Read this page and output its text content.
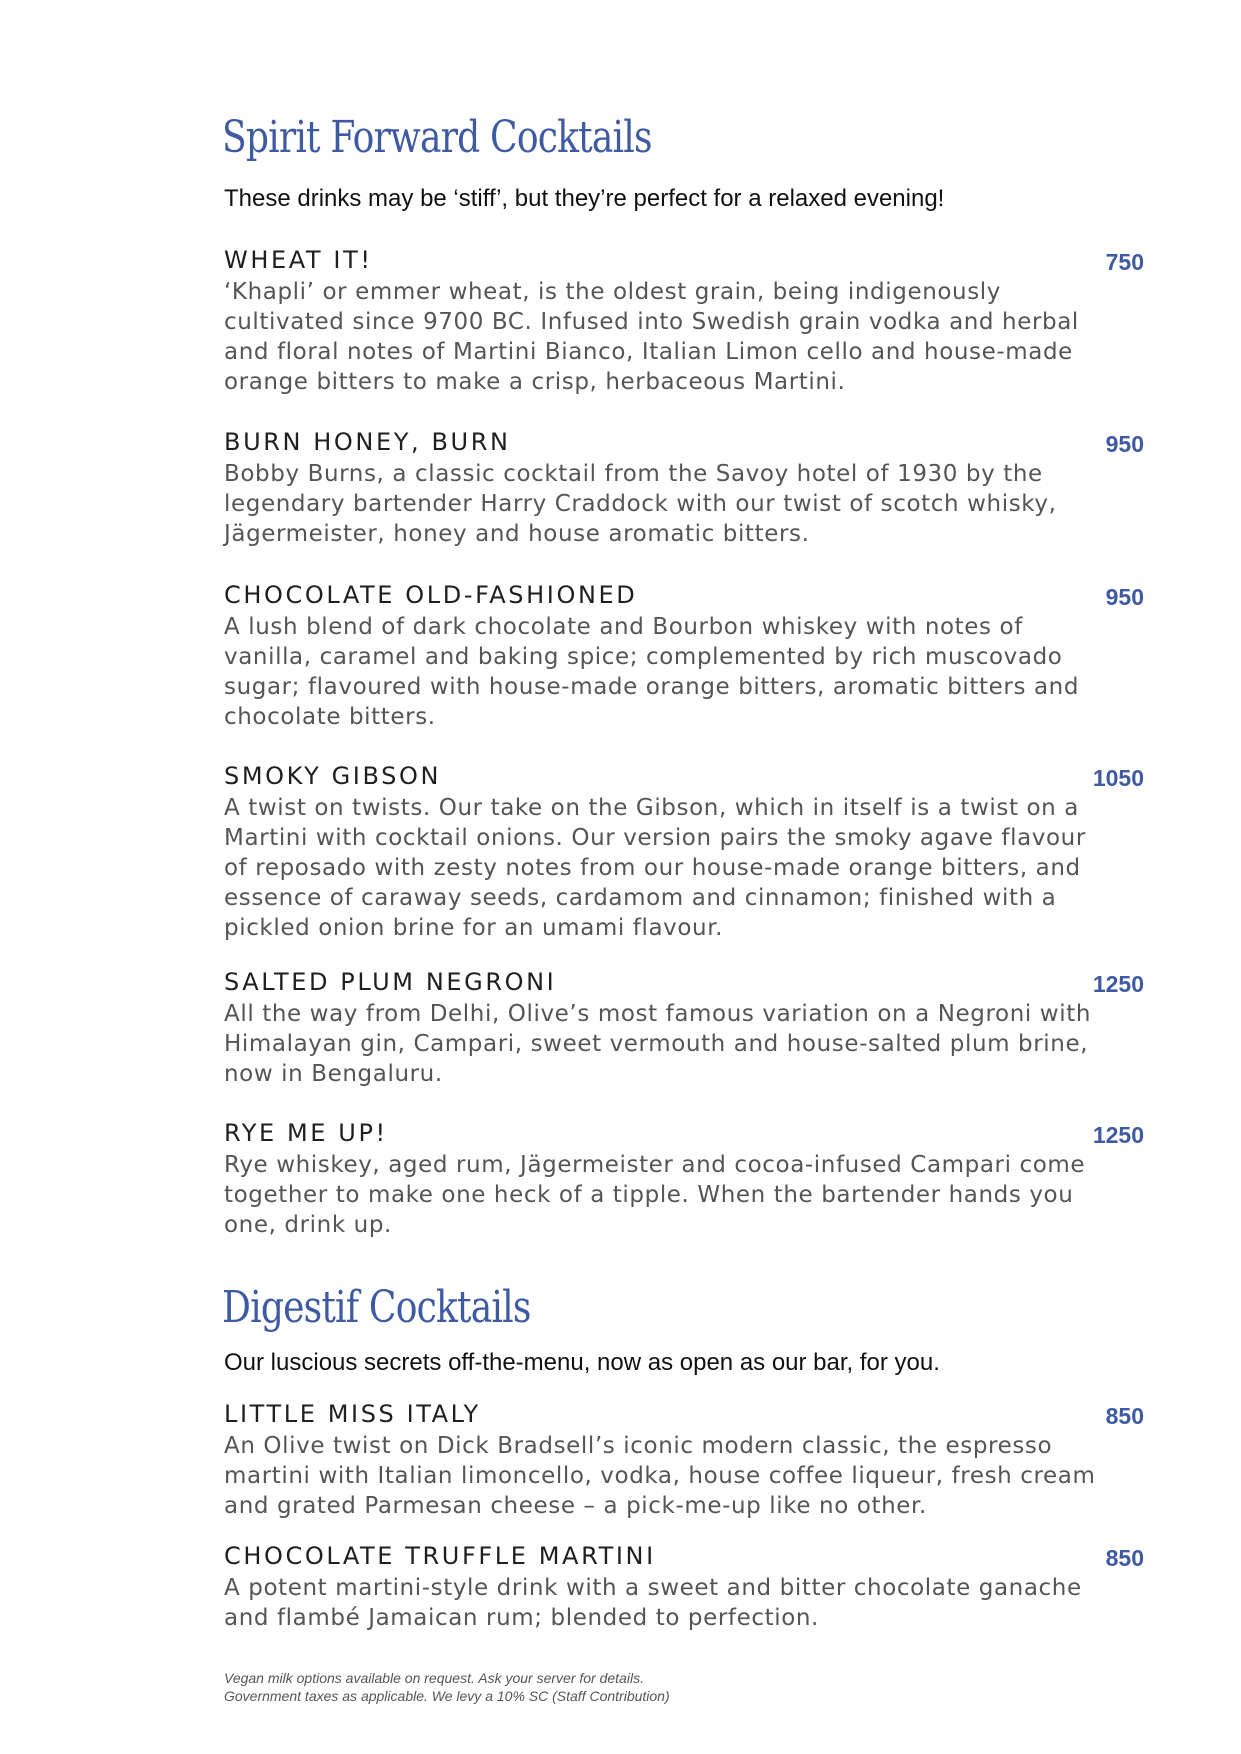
Spirit Forward Cocktails

These drinks may be ‘stiff’, but they’re perfect for a relaxed evening!

WHEAT IT!	750

‘Khapli’ or emmer wheat, is the oldest grain, being indigenously cultivated since 9700 BC. Infused into Swedish grain vodka and herbal and floral notes of Martini Bianco, Italian Limon cello and house-made orange bitters to make a crisp, herbaceous Martini.

BURN HONEY, BURN	950

Bobby Burns, a classic cocktail from the Savoy hotel of 1930 by the legendary bartender Harry Craddock with our twist of scotch whisky, Jägermeister, honey and house aromatic bitters.

CHOCOLATE OLD-FASHIONED	950

A lush blend of dark chocolate and Bourbon whiskey with notes of vanilla, caramel and baking spice; complemented by rich muscovado sugar; flavoured with house-made orange bitters, aromatic bitters and chocolate bitters.

SMOKY GIBSON	1050

A twist on twists. Our take on the Gibson, which in itself is a twist on a Martini with cocktail onions. Our version pairs the smoky agave flavour of reposado with zesty notes from our house-made orange bitters, and essence of caraway seeds, cardamom and cinnamon; finished with a pickled onion brine for an umami flavour.

SALTED PLUM NEGRONI	1250

All the way from Delhi, Olive’s most famous variation on a Negroni with Himalayan gin, Campari, sweet vermouth and house-salted plum brine, now in Bengaluru.

RYE ME UP!	1250

Rye whiskey, aged rum, Jägermeister and cocoa-infused Campari come together to make one heck of a tipple. When the bartender hands you one, drink up.

Digestif Cocktails

Our luscious secrets off-the-menu, now as open as our bar, for you.

LITTLE MISS ITALY	850

An Olive twist on Dick Bradsell’s iconic modern classic, the espresso martini with Italian limoncello, vodka, house coffee liqueur, fresh cream and grated Parmesan cheese – a pick-me-up like no other.

CHOCOLATE TRUFFLE MARTINI	850

A potent martini-style drink with a sweet and bitter chocolate ganache and flambé Jamaican rum; blended to perfection.

Vegan milk options available on request. Ask your server for details.

Government taxes as applicable. We levy a 10% SC (Staff Contribution)
